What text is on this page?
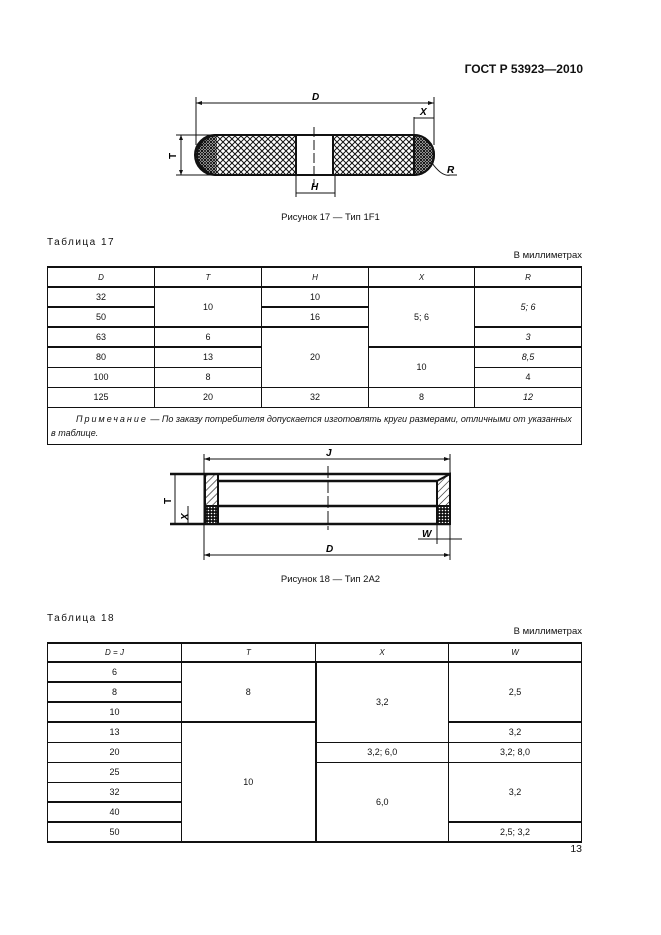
ГОСТ Р 53923—2010
D
X
T
H
R
Рисунок 17 — Тип 1F1
Таблица 17
В миллиметрах
D	T	H	X	R
32	10	10	5; 6	5; 6
50		16		
63	6	20		3
80	13		10	8,5
100	8			4
125	20	32	8	12
Примечание — По заказу потребителя допускается изготовлять круги размерами, отличными от указанных в таблице.				
J
T
X
W
D
Рисунок 18 — Тип 2А2
Таблица 18
В миллиметрах
D = J	T	X	W
6	8	3,2	2,5
8			
10			
13	10		3,2
20		3,2; 6,0	3,2; 8,0
25		6,0	3,2
32			
40			
50			2,5; 3,2
13
